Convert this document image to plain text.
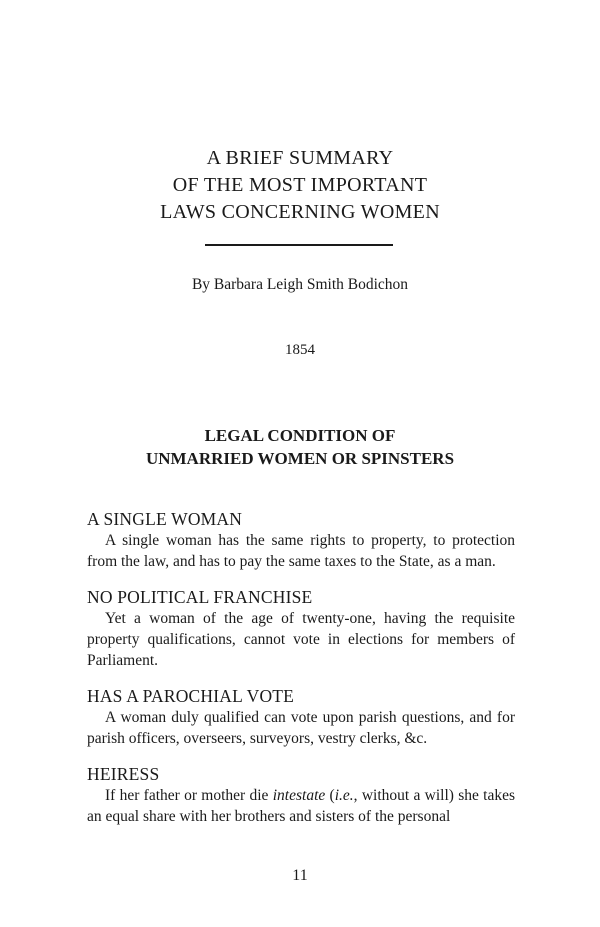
A BRIEF SUMMARY
OF THE MOST IMPORTANT
LAWS CONCERNING WOMEN
By Barbara Leigh Smith Bodichon
1854
LEGAL CONDITION OF
UNMARRIED WOMEN OR SPINSTERS
A SINGLE WOMAN

A single woman has the same rights to property, to protection from the law, and has to pay the same taxes to the State, as a man.

NO POLITICAL FRANCHISE

Yet a woman of the age of twenty-one, having the requisite property qualifications, cannot vote in elections for members of Parliament.

HAS A PAROCHIAL VOTE

A woman duly qualified can vote upon parish questions, and for parish officers, overseers, surveyors, vestry clerks, &c.

HEIRESS

If her father or mother die intestate (i.e., without a will) she takes an equal share with her brothers and sisters of the personal

11
